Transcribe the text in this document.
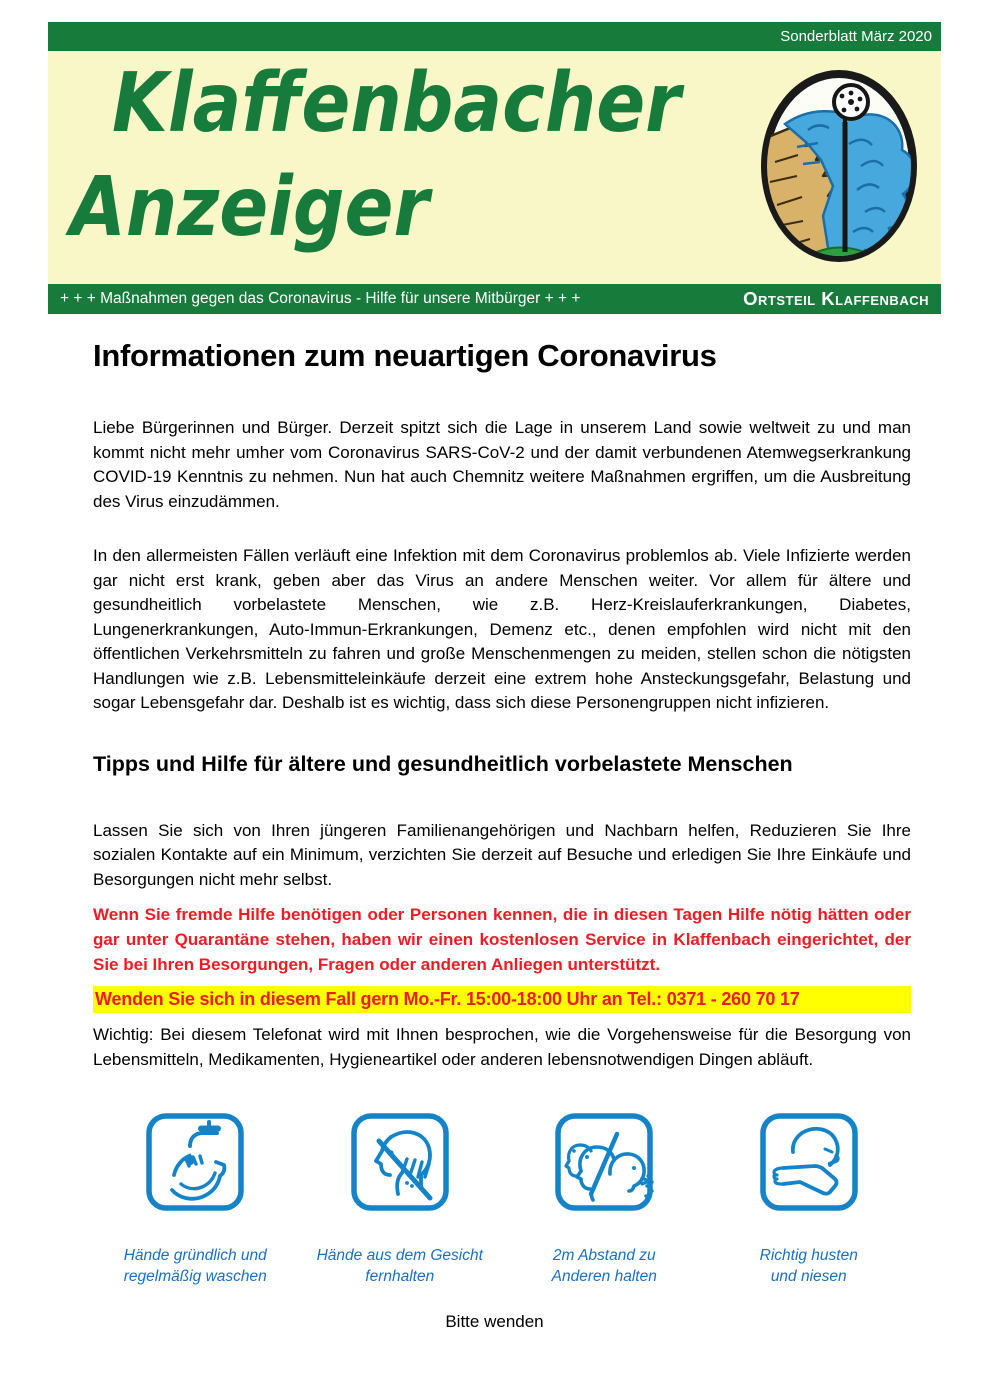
Sonderblatt März 2020
Klaffenbacher
Anzeiger
+ + + Maßnahmen gegen das Coronavirus - Hilfe für unsere Mitbürger + + +	Ortsteil Klaffenbach
Informationen zum neuartigen Coronavirus

Liebe Bürgerinnen und Bürger. Derzeit spitzt sich die Lage in unserem Land sowie weltweit zu und man kommt nicht mehr umher vom Coronavirus SARS-CoV-2 und der damit verbundenen Atemwegserkrankung COVID-19 Kenntnis zu nehmen. Nun hat auch Chemnitz weitere Maßnahmen ergriffen, um die Ausbreitung des Virus einzudämmen.

In den allermeisten Fällen verläuft eine Infektion mit dem Coronavirus problemlos ab. Viele Infizierte werden gar nicht erst krank, geben aber das Virus an andere Menschen weiter. Vor allem für ältere und gesundheitlich vorbelastete Menschen, wie z.B. Herz-Kreislauferkrankungen, Diabetes, Lungenerkrankungen, Auto-Immun-Erkrankungen, Demenz etc., denen empfohlen wird nicht mit den öffentlichen Verkehrsmitteln zu fahren und große Menschenmengen zu meiden, stellen schon die nötigsten Handlungen wie z.B. Lebensmitteleinkäufe derzeit eine extrem hohe Ansteckungsgefahr, Belastung und sogar Lebensgefahr dar. Deshalb ist es wichtig, dass sich diese Personengruppen nicht infizieren.

Tipps und Hilfe für ältere und gesundheitlich vorbelastete Menschen

Lassen Sie sich von Ihren jüngeren Familienangehörigen und Nachbarn helfen, Reduzieren Sie Ihre sozialen Kontakte auf ein Minimum, verzichten Sie derzeit auf Besuche und erledigen Sie Ihre Einkäufe und Besorgungen nicht mehr selbst.

Wenn Sie fremde Hilfe benötigen oder Personen kennen, die in diesen Tagen Hilfe nötig hätten oder gar unter Quarantäne stehen, haben wir einen kostenlosen Service in Klaffenbach eingerichtet, der Sie bei Ihren Besorgungen, Fragen oder anderen Anliegen unterstützt.

Wenden Sie sich in diesem Fall gern Mo.-Fr. 15:00-18:00 Uhr an Tel.: 0371 - 260 70 17

Wichtig: Bei diesem Telefonat wird mit Ihnen besprochen, wie die Vorgehensweise für die Besorgung von Lebensmitteln, Medikamenten, Hygieneartikel oder anderen lebensnotwendigen Dingen abläuft.

Hände gründlich und
regelmäßig waschen
Hände aus dem Gesicht
fernhalten
2m Abstand zu
Anderen halten
Richtig husten
und niesen
Bitte wenden
